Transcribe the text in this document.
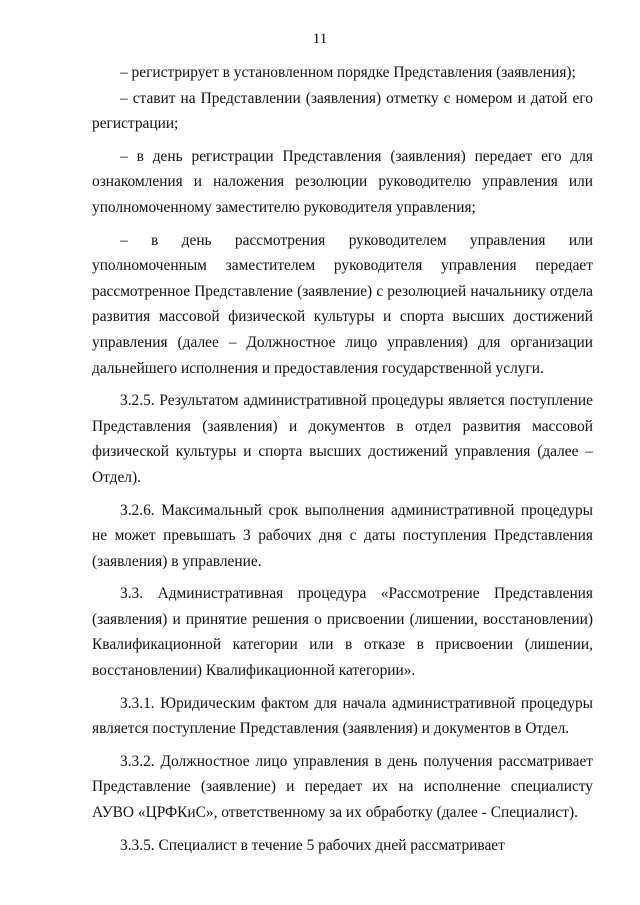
11

– регистрирует в установленном порядке Представления (заявления);

– ставит на Представлении (заявления) отметку с номером и датой его регистрации;

– в день регистрации Представления (заявления) передает его для ознакомления и наложения резолюции руководителю управления или уполномоченному заместителю руководителя управления;

– в день рассмотрения руководителем управления или уполномоченным заместителем руководителя управления передает рассмотренное Представление (заявление) с резолюцией начальнику отдела развития массовой физической культуры и спорта высших достижений управления (далее – Должностное лицо управления) для организации дальнейшего исполнения и предоставления государственной услуги.

3.2.5. Результатом административной процедуры является поступление Представления (заявления) и документов в отдел развития массовой физической культуры и спорта высших достижений управления (далее – Отдел).

3.2.6. Максимальный срок выполнения административной процедуры не может превышать 3 рабочих дня с даты поступления Представления (заявления) в управление.

3.3. Административная процедура «Рассмотрение Представления (заявления) и принятие решения о присвоении (лишении, восстановлении) Квалификационной категории или в отказе в присвоении (лишении, восстановлении) Квалификационной категории».

3.3.1. Юридическим фактом для начала административной процедуры является поступление Представления (заявления) и документов в Отдел.

3.3.2. Должностное лицо управления в день получения рассматривает Представление (заявление) и передает их на исполнение специалисту АУВО «ЦРФКиС», ответственному за их обработку (далее - Специалист).

3.3.5. Специалист в течение 5 рабочих дней рассматривает
